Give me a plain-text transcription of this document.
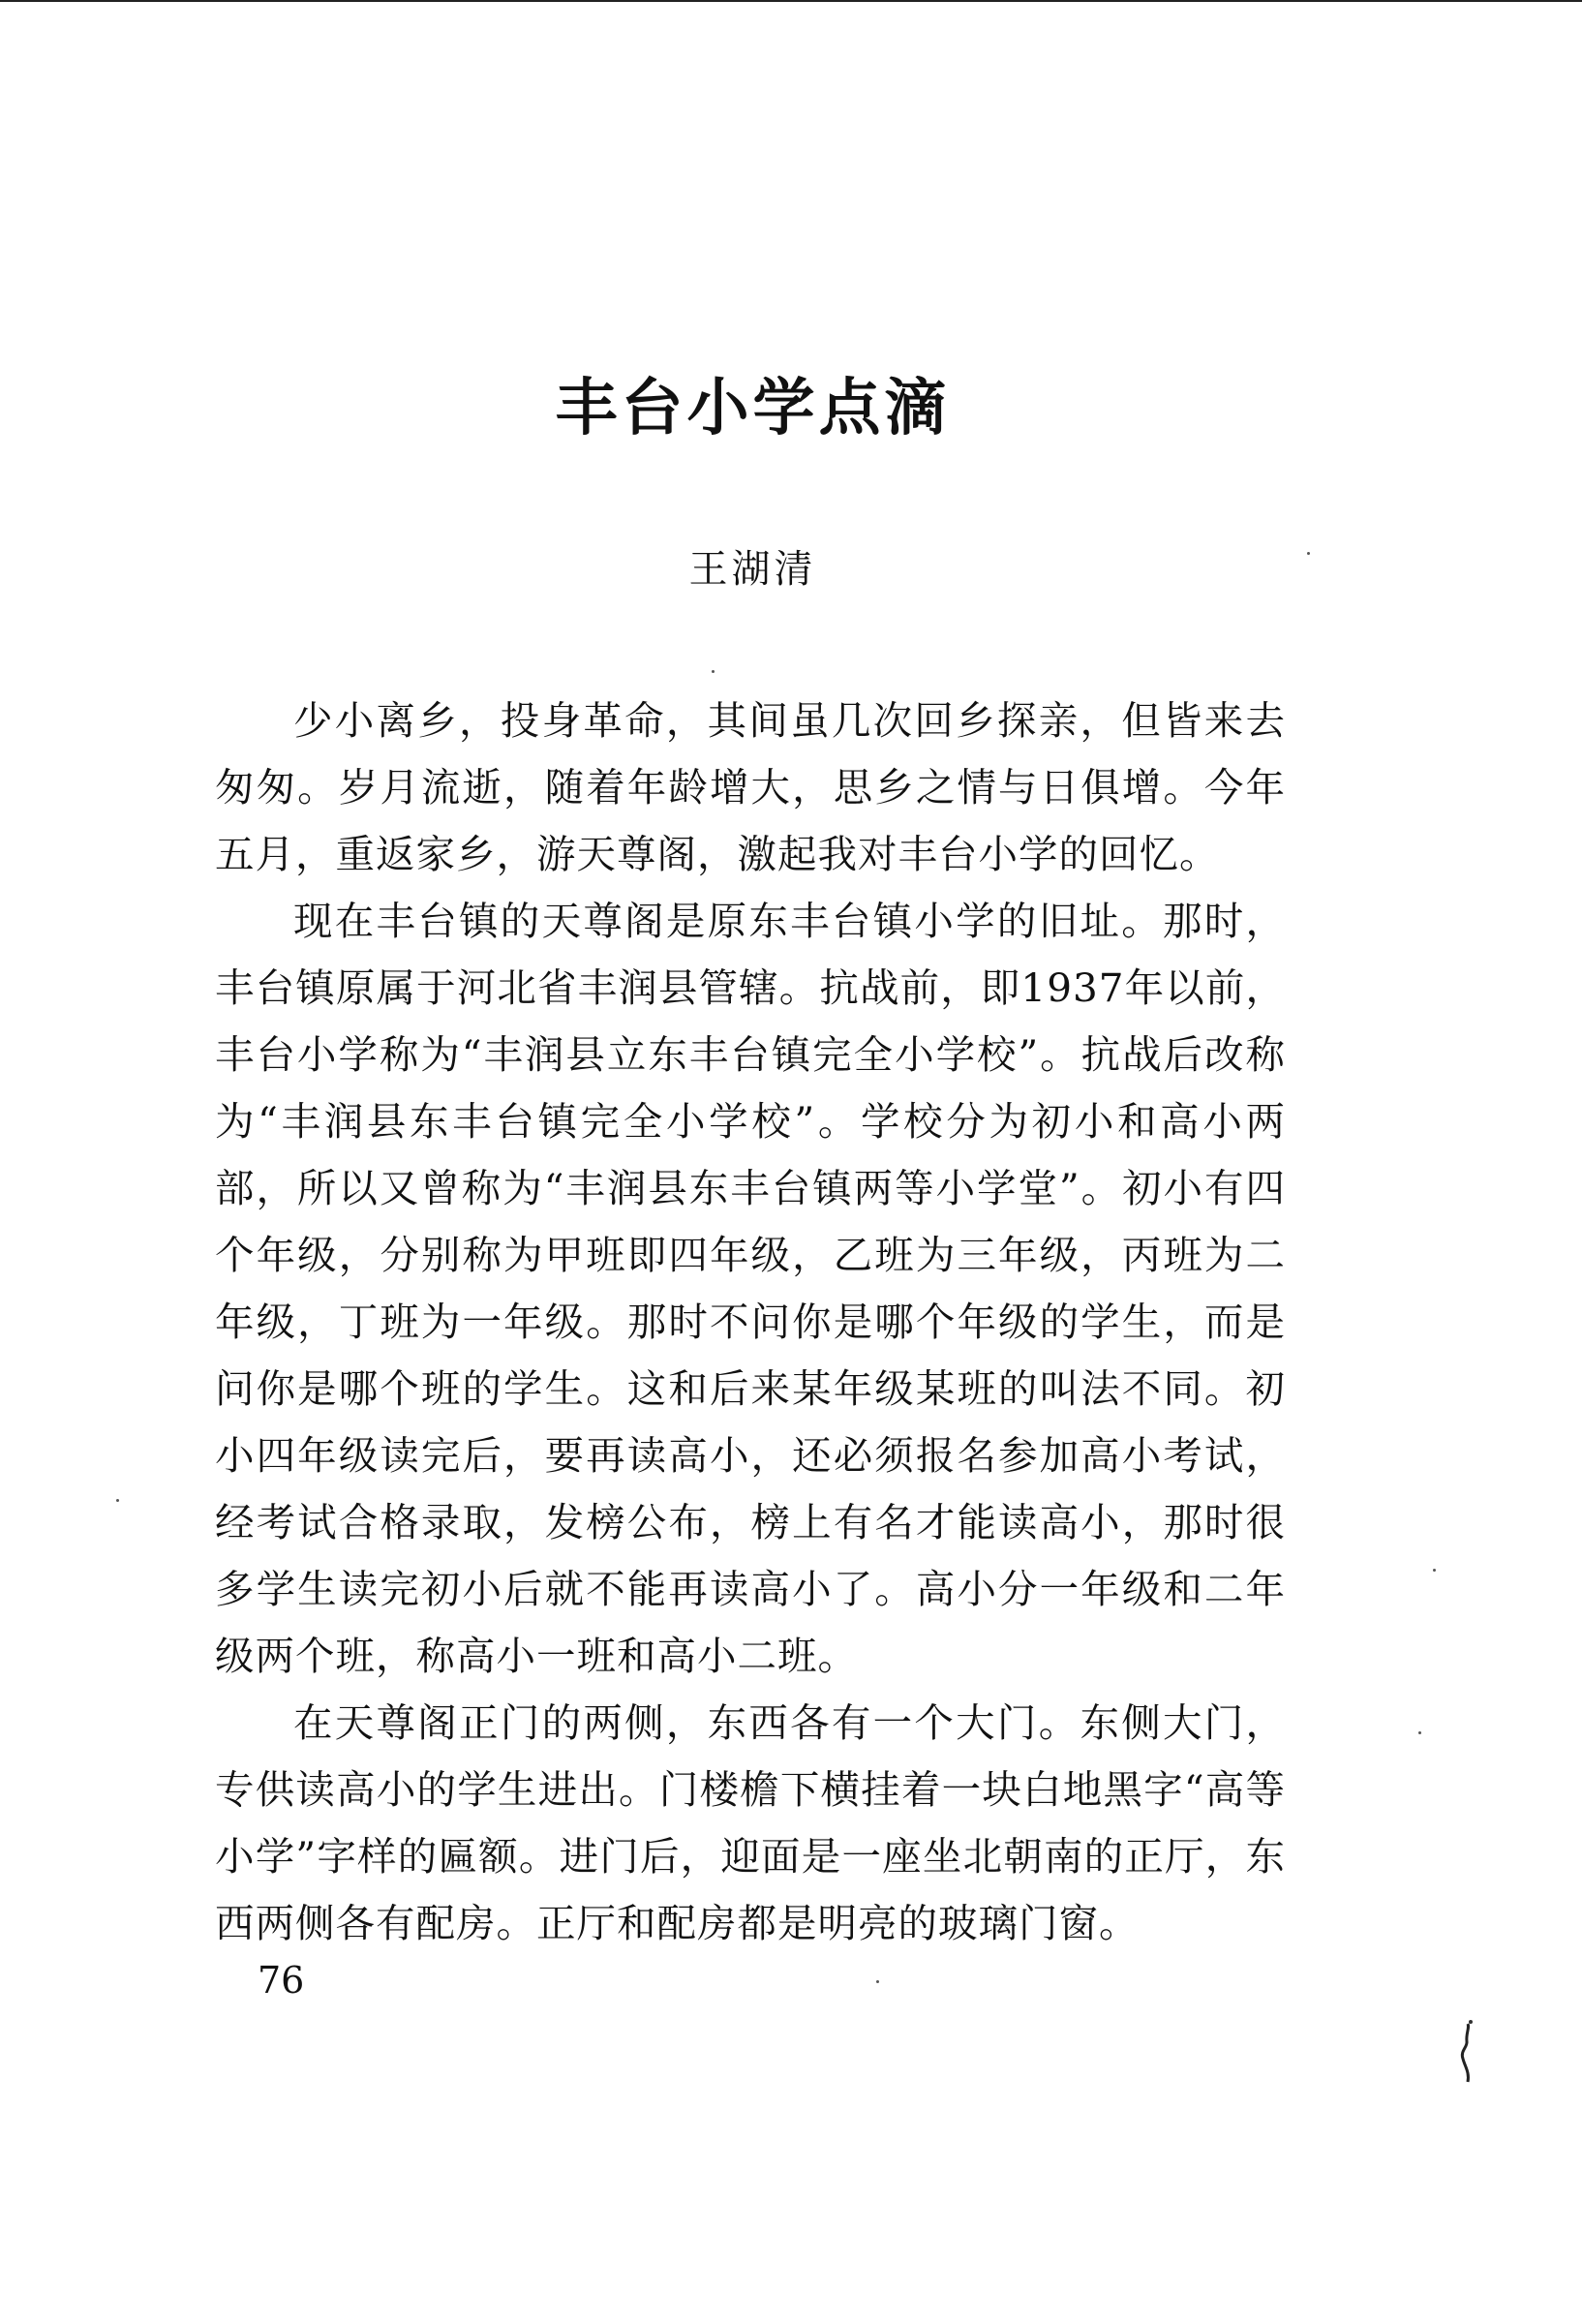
丰台小学点滴
王湖清

少小离乡，投身革命，其间虽几次回乡探亲，但皆来去匆匆。岁月流逝，随着年龄增大，思乡之情与日俱增。今年五月，重返家乡，游天尊阁，激起我对丰台小学的回忆。

现在丰台镇的天尊阁是原东丰台镇小学的旧址。那时，丰台镇原属于河北省丰润县管辖。抗战前，即1937年以前，丰台小学称为“丰润县立东丰台镇完全小学校”。抗战后改称为“丰润县东丰台镇完全小学校”。学校分为初小和高小两部，所以又曾称为“丰润县东丰台镇两等小学堂”。初小有四个年级，分别称为甲班即四年级，乙班为三年级，丙班为二年级，丁班为一年级。那时不问你是哪个年级的学生，而是问你是哪个班的学生。这和后来某年级某班的叫法不同。初小四年级读完后，要再读高小，还必须报名参加高小考试，经考试合格录取，发榜公布，榜上有名才能读高小，那时很多学生读完初小后就不能再读高小了。高小分一年级和二年级两个班，称高小一班和高小二班。

在天尊阁正门的两侧，东西各有一个大门。东侧大门，专供读高小的学生进出。门楼檐下横挂着一块白地黑字“高等小学”字样的匾额。进门后，迎面是一座坐北朝南的正厅，东西两侧各有配房。正厅和配房都是明亮的玻璃门窗。

76
